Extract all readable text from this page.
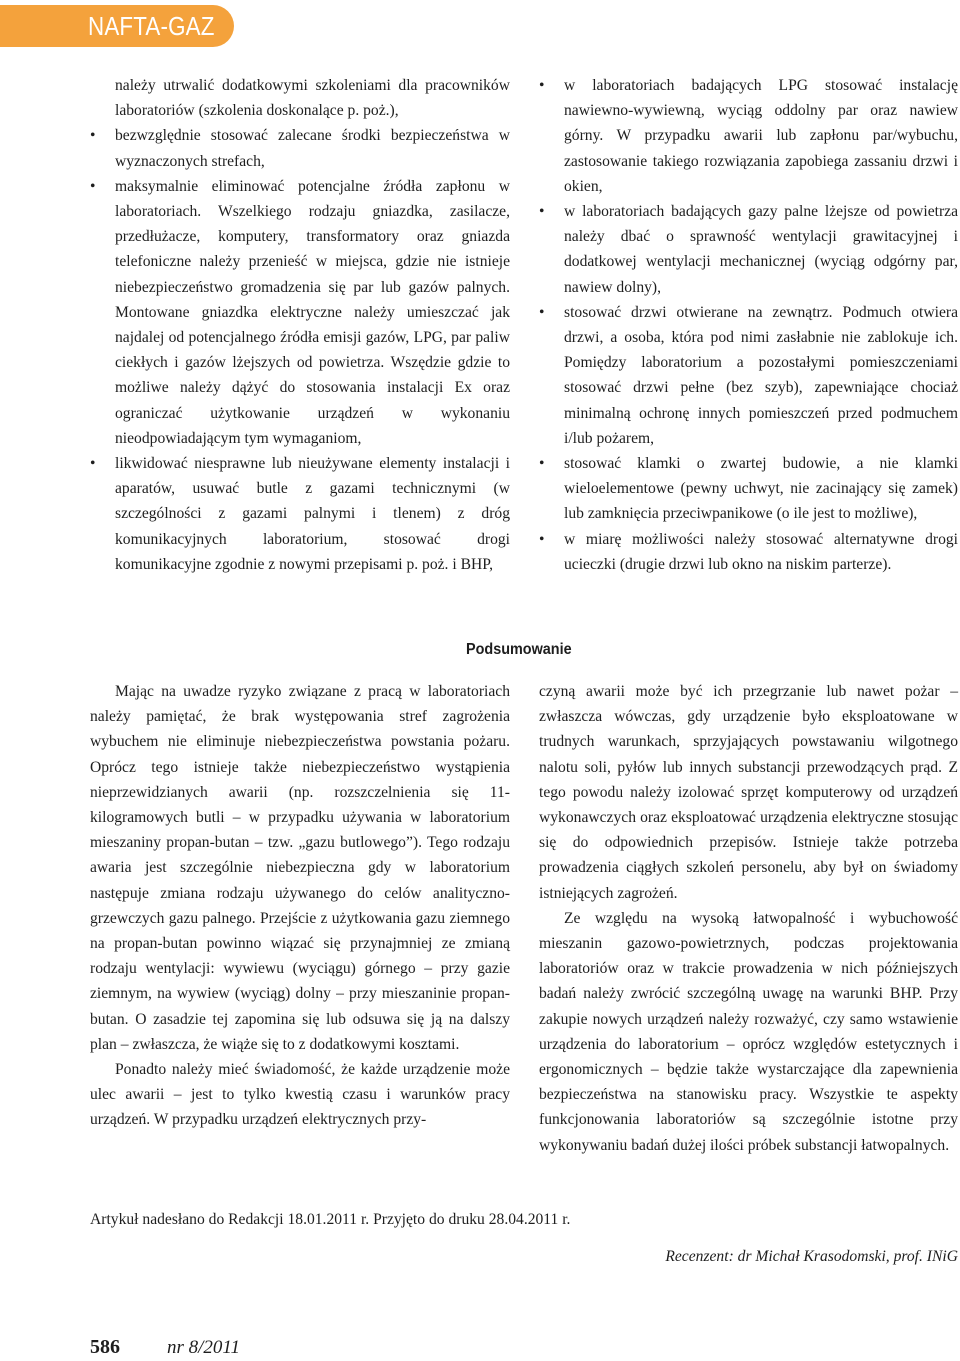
NAFTA-GAZ

należy utrwalić dodatkowymi szkoleniami dla pracowników laboratoriów (szkolenia doskonalące p. poż.),

• bezwzględnie stosować zalecane środki bezpieczeństwa w wyznaczonych strefach,
• maksymalnie eliminować potencjalne źródła zapłonu w laboratoriach. Wszelkiego rodzaju gniazdka, zasilacze, przedłużacze, komputery, transformatory oraz gniazda telefoniczne należy przenieść w miejsca, gdzie nie istnieje niebezpieczeństwo gromadzenia się par lub gazów palnych. Montowane gniazdka elektryczne należy umieszczać jak najdalej od potencjalnego źródła emisji gazów, LPG, par paliw ciekłych i gazów lżejszych od powietrza. Wszędzie gdzie to możliwe należy dążyć do stosowania instalacji Ex oraz ograniczać użytkowanie urządzeń w wykonaniu nieodpowiadającym tym wymaganiom,
• likwidować niesprawne lub nieużywane elementy instalacji i aparatów, usuwać butle z gazami technicznymi (w szczególności z gazami palnymi i tlenem) z dróg komunikacyjnych laboratorium, stosować drogi komunikacyjne zgodnie z nowymi przepisami p. poż. i BHP,
• w laboratoriach badających LPG stosować instalację nawiewno-wywiewną, wyciąg oddolny par oraz nawiew górny. W przypadku awarii lub zapłonu par/wybuchu, zastosowanie takiego rozwiązania zapobiega zassaniu drzwi i okien,
• w laboratoriach badających gazy palne lżejsze od powietrza należy dbać o sprawność wentylacji grawitacyjnej i dodatkowej wentylacji mechanicznej (wyciąg odgórny par, nawiew dolny),
• stosować drzwi otwierane na zewnątrz. Podmuch otwiera drzwi, a osoba, która pod nimi zasłabnie nie zablokuje ich. Pomiędzy laboratorium a pozostałymi pomieszczeniami stosować drzwi pełne (bez szyb), zapewniające chociaż minimalną ochronę innych pomieszczeń przed podmuchem i/lub pożarem,
• stosować klamki o zwartej budowie, a nie klamki wieloelementowe (pewny uchwyt, nie zacinający się zamek) lub zamknięcia przeciwpanikowe (o ile jest to możliwe),
• w miarę możliwości należy stosować alternatywne drogi ucieczki (drugie drzwi lub okno na niskim parterze).
Podsumowanie

Mając na uwadze ryzyko związane z pracą w laboratoriach należy pamiętać, że brak występowania stref zagrożenia wybuchem nie eliminuje niebezpieczeństwa powstania pożaru. Oprócz tego istnieje także niebezpieczeństwo wystąpienia nieprzewidzianych awarii (np. rozszczelnienia się 11-kilogramowych butli – w przypadku używania w laboratorium mieszaniny propan-butan – tzw. „gazu butlowego”). Tego rodzaju awaria jest szczególnie niebezpieczna gdy w laboratorium następuje zmiana rodzaju używanego do celów analityczno-grzewczych gazu palnego. Przejście z użytkowania gazu ziemnego na propan-butan powinno wiązać się przynajmniej ze zmianą rodzaju wentylacji: wywiewu (wyciągu) górnego – przy gazie ziemnym, na wywiew (wyciąg) dolny – przy mieszaninie propan-butan. O zasadzie tej zapomina się lub odsuwa się ją na dalszy plan – zwłaszcza, że wiąże się to z dodatkowymi kosztami.

Ponadto należy mieć świadomość, że każde urządzenie może ulec awarii – jest to tylko kwestią czasu i warunków pracy urządzeń. W przypadku urządzeń elektrycznych przy-

czyną awarii może być ich przegrzanie lub nawet pożar – zwłaszcza wówczas, gdy urządzenie było eksploatowane w trudnych warunkach, sprzyjających powstawaniu wilgotnego nalotu soli, pyłów lub innych substancji przewodzących prąd. Z tego powodu należy izolować sprzęt komputerowy od urządzeń wykonawczych oraz eksploatować urządzenia elektryczne stosując się do odpowiednich przepisów. Istnieje także potrzeba prowadzenia ciągłych szkoleń personelu, aby był on świadomy istniejących zagrożeń.

Ze względu na wysoką łatwopalność i wybuchowość mieszanin gazowo-powietrznych, podczas projektowania laboratoriów oraz w trakcie prowadzenia w nich późniejszych badań należy zwrócić szczególną uwagę na warunki BHP. Przy zakupie nowych urządzeń należy rozważyć, czy samo wstawienie urządzenia do laboratorium – oprócz względów estetycznych i ergonomicznych – będzie także wystarczające dla zapewnienia bezpieczeństwa na stanowisku pracy. Wszystkie te aspekty funkcjonowania laboratoriów są szczególnie istotne przy wykonywaniu badań dużej ilości próbek substancji łatwopalnych.

Artykuł nadesłano do Redakcji 18.01.2011 r. Przyjęto do druku 28.04.2011 r.
Recenzent: dr Michał Krasodomski, prof. INiG
586 nr 8/2011
